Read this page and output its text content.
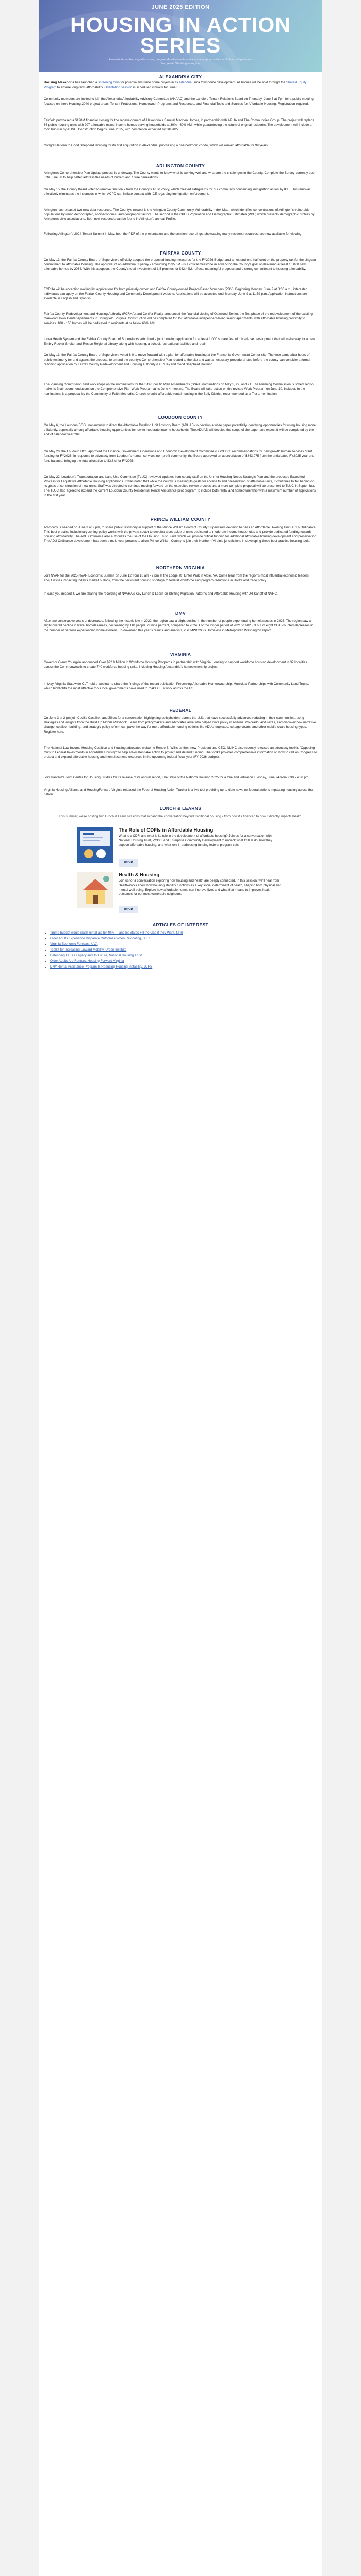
JUNE 2025 EDITION
HOUSING IN ACTION
SERIES
A newsletter on housing affordance, program developments and advocacy opportunities in Northern Virginia and the greater Washington region.
ALEXANDRIA CITY
Housing Alexandria has launched a screening form for potential first-time home buyers in its Arlandria Luna townhome development. All homes will be sold through the Shared Equity Program to ensure long-term affordability. Orientation session is scheduled virtually for June 5.

Community members are invited to join the Alexandria Affordability Advisory Committee (AHAAC) and the Landlord Tenant Relations Board on Thursday, June 5 at 7pm for a public meeting focused on three Housing 2040 project areas: Tenant Protections, Homeowner Programs and Resources, and Financial Tools and Sources for Affordable Housing. Registration required.

Fairfield purchased a $120M financial closing for the redevelopment of Alexandria's Samuel Madden Homes, in partnership with ARHA and The Communities Group. The project will replace 66 public housing units with 207 affordable mixed-income homes serving households at 30% - 60% AMI, while guaranteeing the return of original residents. The development will include a food hub run by ALIVE. Construction begins June 2025, with completion expected by fall 2027.

Congratulations to Good Shepherd Housing for its first acquisition in Alexandria, purchasing a one-bedroom condo, which will remain affordable for 99 years.

ARLINGTON COUNTY

Arlington's Comprehensive Plan Update process is underway. The County wants to know what is working well and what are the challenges in the County. Complete the Survey currently open until June 30 to help better address the needs of current and future generations.

On May 15, the County Board voted to remove Section 7 from the County's Trust Policy, which created safeguards for our community concerning immigration action by ICE. This removal effectively eliminates the instances in which ACPD can initiate contact with ICE regarding immigration enforcement.

Arlington has released two new data resources. The County's newest is the Arlington County Community Vulnerability Index Map, which identifies concentrations of Arlington's vulnerable populations by using demographic, socioeconomic, and geographic factors. The second is the CPHD Population and Demographic Estimates (PDE) which presents demographic profiles by Arlington's civic associations. Both new resources can be found in Arlington's annual Profile.

Following Arlington's 2024 Tenant Summit in May, both the PDF of the presentation and the session recordings, showcasing many resident resources, are now available for viewing.

FAIRFAX COUNTY

On May 13, the Fairfax County Board of Supervisors officially adopted the proposed funding measures for the FY2026 Budget and an extend one-half cent on the property tax for the singular commitment to affordable housing. The approval of an additional 1 penny - amounting to $5.6M - is a critical milestone in advancing the County's goal of delivering at least 10,000 new affordable homes by 2034. With this adoption, the County's total investment of 1.5 pennies, or $42.44M, reflects meaningful progress and a strong commitment to housing affordability.

FCRHA will be accepting waiting list applications for both privately-owned and Fairfax County-owned Project-Based Vouchers (PBV). Beginning Monday, June 2 at 8:00 a.m., interested individuals can apply on the Fairfax County Housing and Community Development website. Applications will be accepted until Monday, June 9 at 11:59 p.m. Application instructions are available in English and Spanish.

Fairfax County Redevelopment and Housing Authority (FCRHA) and Conifer Realty announced the financial closing of Oakwood Senior, the first phase of the redevelopment of the existing Oakwood Town Center Apartments in Springfield, Virginia. Construction will be completed for 150 affordable independent-living senior apartments, with affordable housing proximity to services. 100 - 150 homes will be dedicated to residents at or below 60% AMI.

Inova Health System and the Fairfax County Board of Supervisors submitted a joint housing application for at least 1,000 square feet of mixed-use development that will make way for a new Embry Rucker Shelter and Reston Regional Library, along with housing, a school, recreational facilities and retail.

On May 13, the Fairfax County Board of Supervisors voted 8-0 to move forward with a plan for affordable housing at the Franconia Government Center site. The vote came after hours of public testimony for and against the proposal to amend the county's Comprehensive Plan related to the site and was a necessary procedural step before the county can consider a formal rezoning application by Fairfax County Redevelopment and Housing Authority (FCRHA) and Good Shepherd Housing.

The Planning Commission held workshops on the nominations for the Site-Specific Plan Amendments (SSPA) nominations on May 5, 29, and 21. The Planning Commission is scheduled to make its final recommendations on the Comprehensive Plan Work Program at its June 4 meeting. The Board will take action on the revised Work Program on June 10. Included in the nominations is a proposal by the Community of Faith Methodist Church to build affordable rental housing in the Sully District, recommended as a Tier 1 nomination.

LOUDOUN COUNTY

On May 6, the Loudoun BOS unanimously to direct the Affordable Dwelling Unit Advisory Board (ADUAB) to develop a white paper potentially identifying opportunities for using housing more efficiently, especially among affordable housing opportunities for low to moderate income households. The ADUAB will develop the scope of the paper and expect it will be completed by the end of calendar year 2025.

On May 20, the Loudoun BOS approved the Finance, Government Operations and Economic Development Committee (FGOEDC) recommendations for new growth human services grant funding for FY2026. In response to advocacy from Loudoun's human services non-profit community, the Board approved an appropriation of $843,075 from the anticipated FY2025 year end fund balance, bringing the total allocation to $3,8M for FY2026.

On May 22, Loudoun's Transportation and Land Use Committee (TLUC) reviewed updates from county staff on the Unmet Housing Needs Strategic Plan and the proposed Expedited Process for Legislative Affordable Housing Applications. It was noted that while the county is meeting its goals for access to and preservation of attainable units, it continues to fall behind on its goals of construction of new units. Staff was directed to continue moving forward on the expedited review process and a more complete proposal will be presented to TLUC in September. The TLUC also agreed to expand the current Loudoun County Residential Rental Assistance pilot program to include both rental and homeownership with a maximum number of applications in the first year.

PRINCE WILLIAM COUNTY

Advocacy is needed on June 3 at 2 pm, to share public testimony in support of the Prince William Board of County Supervisors decision to pass an Affordable Dwelling Unit (ADU) Ordinance. This best practice inclusionary zoning policy works with the private sector to develop a set-aside of units dedicated to moderate income households and provide dedicated funding towards housing affordability. The ADU Ordinance also authorizes the use of the Housing Trust Fund, which will provide critical funding for additional affordable housing development and preservation. The ADU Ordinance development has been a multi-year process to allow Prince William County to join their Northern Virginia jurisdictions in developing these best practice housing tools.

NORTHERN VIRGINIA

Join NVAR for the 2025 NVAR Economic Summit on June 12 from 10 am - 2 pm at the Lodge at Hunter Park in Aldie, VA. Come hear from the region's most influential economic leaders about issues impacting today's market outlook, from the persistent housing shortage to federal workforce and program reductions in DoD's and trade policy.

In case you missed it, we are sharing the recording of NVAHA's Key Lunch & Learn on Shifting Migration Patterns and Affordable Housing with JR Kanoff of NVRC.

DMV

After two consecutive years of decreases, following the historic low in 2022, the region saw a slight decline in the number of people experiencing homelessness in 2025. The region saw a slight overall decline in literal homelessness, decreasing by 110 people, or nine percent, compared to 2024. For the longer period of 2021 to 2025, 3 out of eight COG counted decreases in the number of persons experiencing homelessness. To download this year's results and analysis, visit MWCOG's Homeless in Metropolitan Washington report.

VIRGINIA

Governor Glenn Youngkin announced Over $22.9 Million in Workforce Housing Programs in partnership with Virginia Housing to support workforce housing development in 32 localities across the Commonwealth to create 740 workforce housing units, including Housing Alexandria's homeownership project.

In May, Virginia Statewide CLT held a webinar to share the findings of the recent publication Preserving Affordable Homeownership: Municipal Partnerships with Community Land Trusts, which highlights the most effective tools local governments have used to make CLTs work across the US.

FEDERAL

On June 3 at 2 pm join Cecilia Castillion and Zillow for a conversation highlighting policyholders across the U.S. that have successfully advanced reducing in their communities, using strategies and insights from the Build Up Mobile Playbook. Learn from policymakers and advocates alike who helped drive policy in Arizona, Colorado, and Texas, and discover how narrative change, coalition-building, and strategic policy reform can pave the way for more affordable housing options like ADUs, duplexes, cottage courts, and other mobile-scale housing types. Register here.

The National Low Income Housing Coalition and housing advocates welcome Renee B. Willis as their new President and CEO. NLIHC also recently released an advocacy toolkit, "Opposing Cuts to Federal Investments in Affordable Housing" to help advocates take action to protect and defend funding. The toolkit provides comprehensive information on how to call on Congress to protect and expand affordable housing and homelessness resources in the upcoming federal fiscal year (FY 2026 budget).

Join Harvard's Joint Center for Housing Studies for its release of its annual report, The State of the Nation's Housing 2025 for a free and virtual on Tuesday, June 24 from 2:30 - 4:30 pm.

Virginia Housing Alliance and HousingForward Virginia released the Federal Housing Action Tracker is a live tool providing up-to-date news on federal actions impacting housing across the nation.

LUNCH & LEARNS

This summer, we're hosting two Lunch & Learn sessions that expand the conversation beyond traditional housing - from how it's financed to how it directly impacts health.

The Role of CDFIs in Affordable Housing

What is a CDFI and what is its role in the development of affordable housing? Join us for a conversation with National Housing Trust, VCDC, and Enterprise Community Development to unpack what CDFIs do, how they support affordable housing, and what role in addressing funding federal program cuts.

RSVP
Health & Housing

Join us for a conversation exploring how housing and health are deeply connected. In this session, we'll hear from HealthWorks about how housing stability functions as a key social determinant of health, shaping both physical and mental well-being. Explore how affordable homes can improve lives and what that means to improves health outcomes for our most vulnerable neighbors.

RSVP
ARTICLES OF INTEREST
• Trump budget would slash rental aid by 40% — and let States Fill the Gap if they Want, NPR
• Older Adults Experience Disparate Outcomes When Relocating, JCHS
• Virginia Economic Forecast, UVA
• Toolkit for Increasing Upward Mobility, Urban Institute
• Defending HUD's Legacy and its Future, National Housing Trust
• Older Adults Are Renters, Housing Forward Virginia
• DNY Rental Assistance Program Is Reducing Housing Instability, JCHS
